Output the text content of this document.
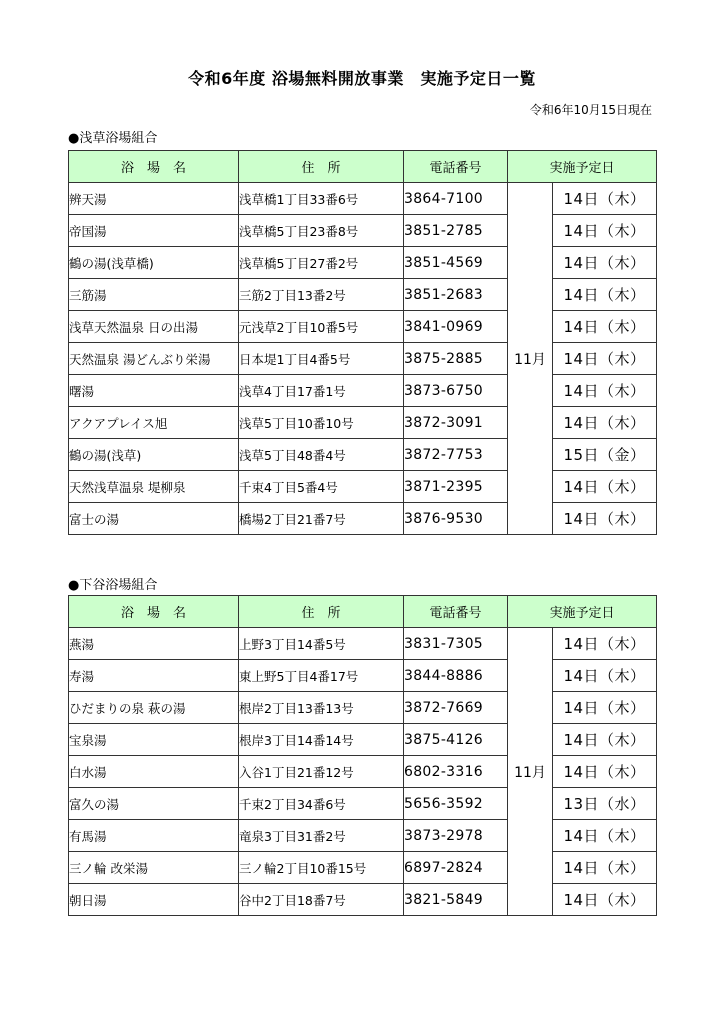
令和6年度 浴場無料開放事業　実施予定日一覧
令和6年10月15日現在
●浅草浴場組合
浴　場　名	住　所	電話番号	実施予定日	
辨天湯	浅草橋1丁目33番6号	3864-7100	11月	14日（木）
帝国湯	浅草橋5丁目23番8号	3851-2785		14日（木）
鶴の湯(浅草橋)	浅草橋5丁目27番2号	3851-4569		14日（木）
三筋湯	三筋2丁目13番2号	3851-2683		14日（木）
浅草天然温泉 日の出湯	元浅草2丁目10番5号	3841-0969		14日（木）
天然温泉 湯どんぶり栄湯	日本堤1丁目4番5号	3875-2885		14日（木）
曙湯	浅草4丁目17番1号	3873-6750		14日（木）
アクアプレイス旭	浅草5丁目10番10号	3872-3091		14日（木）
鶴の湯(浅草)	浅草5丁目48番4号	3872-7753		15日（金）
天然浅草温泉 堤柳泉	千束4丁目5番4号	3871-2395		14日（木）
富士の湯	橋場2丁目21番7号	3876-9530		14日（木）
●下谷浴場組合
浴　場　名	住　所	電話番号	実施予定日	
燕湯	上野3丁目14番5号	3831-7305	11月	14日（木）
寿湯	東上野5丁目4番17号	3844-8886		14日（木）
ひだまりの泉 萩の湯	根岸2丁目13番13号	3872-7669		14日（木）
宝泉湯	根岸3丁目14番14号	3875-4126		14日（木）
白水湯	入谷1丁目21番12号	6802-3316		14日（木）
富久の湯	千束2丁目34番6号	5656-3592		13日（水）
有馬湯	竜泉3丁目31番2号	3873-2978		14日（木）
三ノ輪 改栄湯	三ノ輪2丁目10番15号	6897-2824		14日（木）
朝日湯	谷中2丁目18番7号	3821-5849		14日（木）
